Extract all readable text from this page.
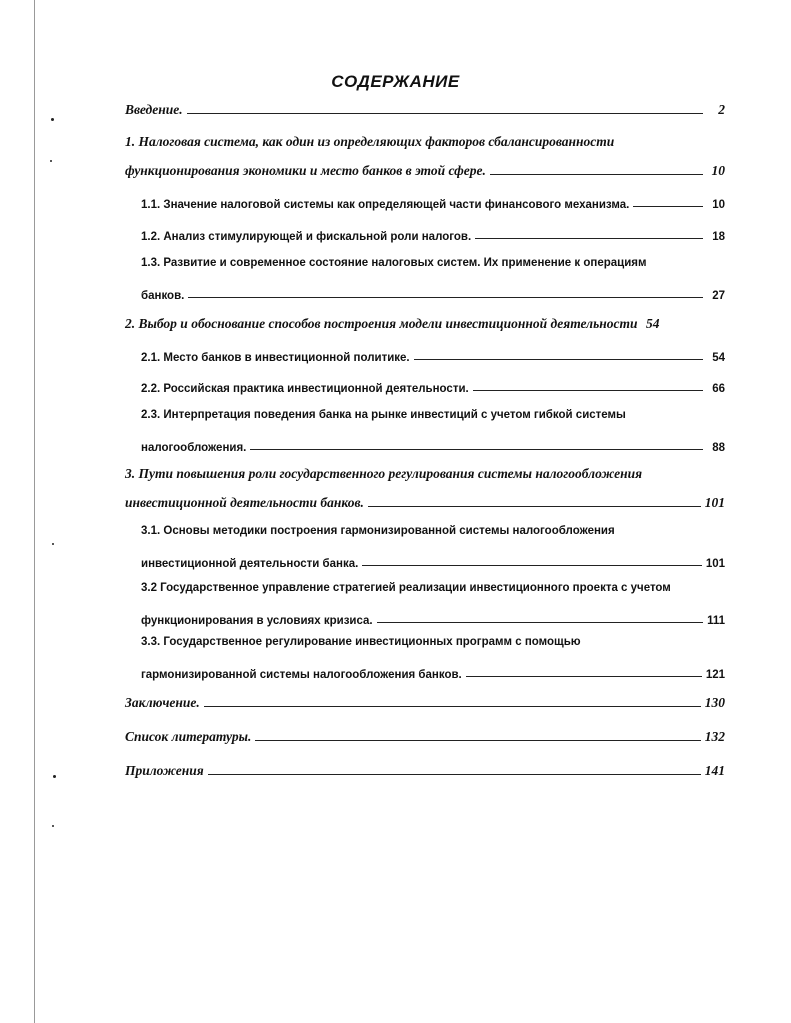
СОДЕРЖАНИЕ
Введение.	2
1. Налоговая система, как один из определяющих факторов сбалансированности
функционирования экономики и место банков в этой сфере.	10
1.1. Значение налоговой системы как определяющей части финансового механизма.	10
1.2. Анализ стимулирующей и фискальной роли налогов.	18
1.3. Развитие и современное состояние налоговых систем. Их применение к операциям
банков.	27
2. Выбор и обоснование способов построения модели инвестиционной деятельности 54
2.1. Место банков в инвестиционной политике.	54
2.2. Российская практика инвестиционной деятельности.	66
2.3. Интерпретация поведения банка на рынке инвестиций с учетом гибкой системы
налогообложения.	88
3. Пути повышения роли государственного регулирования системы налогообложения
инвестиционной деятельности банков.	101
3.1. Основы методики построения гармонизированной системы налогообложения
инвестиционной деятельности банка.	101
3.2 Государственное управление стратегией реализации инвестиционного проекта с учетом
функционирования в условиях кризиса.	111
3.3. Государственное регулирование инвестиционных программ с помощью
гармонизированной системы налогообложения банков.	121
Заключение.	130
Список литературы.	132
Приложения	141
